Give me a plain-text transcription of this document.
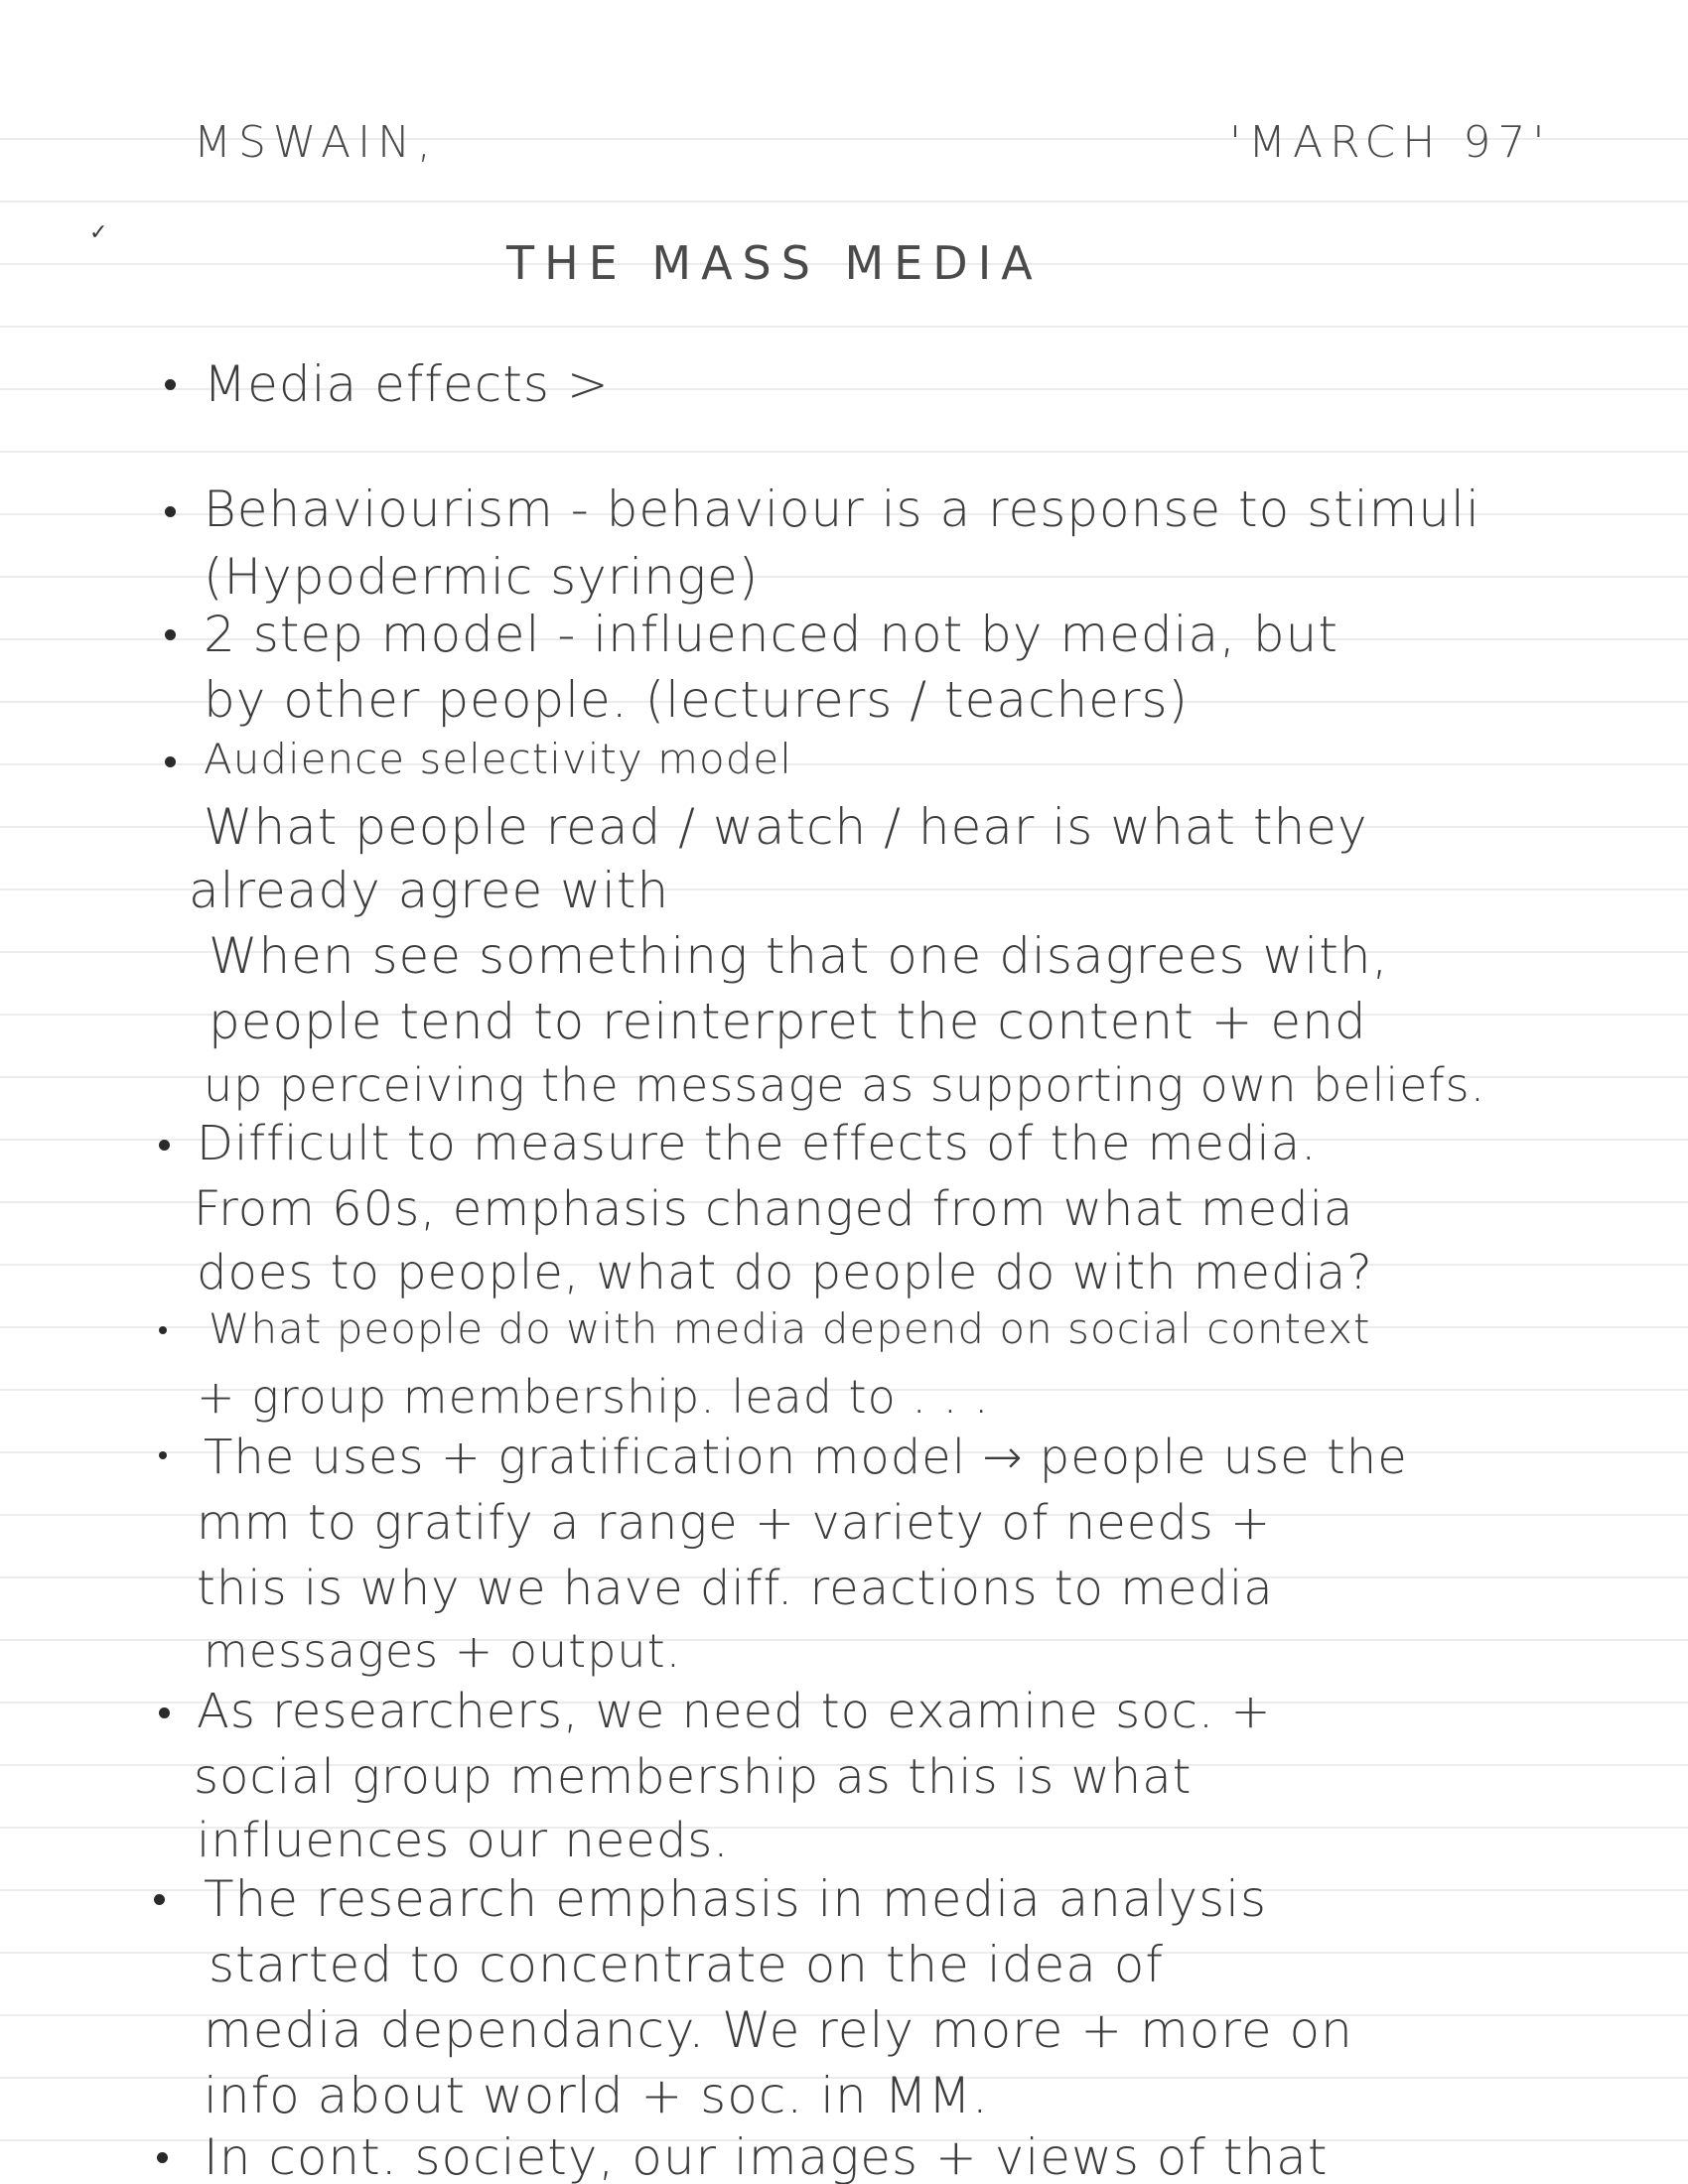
✓
MSWAIN,	'MARCH 97'
THE MASS MEDIA
Media effects >
Behaviourism - behaviour is a response to stimuli
(Hypodermic syringe)
2 step model - influenced not by media, but
by other people. (lecturers / teachers)
Audience selectivity model
What people read / watch / hear is what they
already agree with
When see something that one disagrees with,
people tend to reinterpret the content + end
up perceiving the message as supporting own beliefs.
Difficult to measure the effects of the media.
From 60s, emphasis changed from what media
does to people, what do people do with media?
What people do with media depend on social context
+ group membership. lead to . . .
The uses + gratification model → people use the
mm to gratify a range + variety of needs +
this is why we have diff. reactions to media
messages + output.
As researchers, we need to examine soc. +
social group membership as this is what
influences our needs.
The research emphasis in media analysis
started to concentrate on the idea of
media dependancy. We rely more + more on
info about world + soc. in MM.
In cont. society, our images + views of that
